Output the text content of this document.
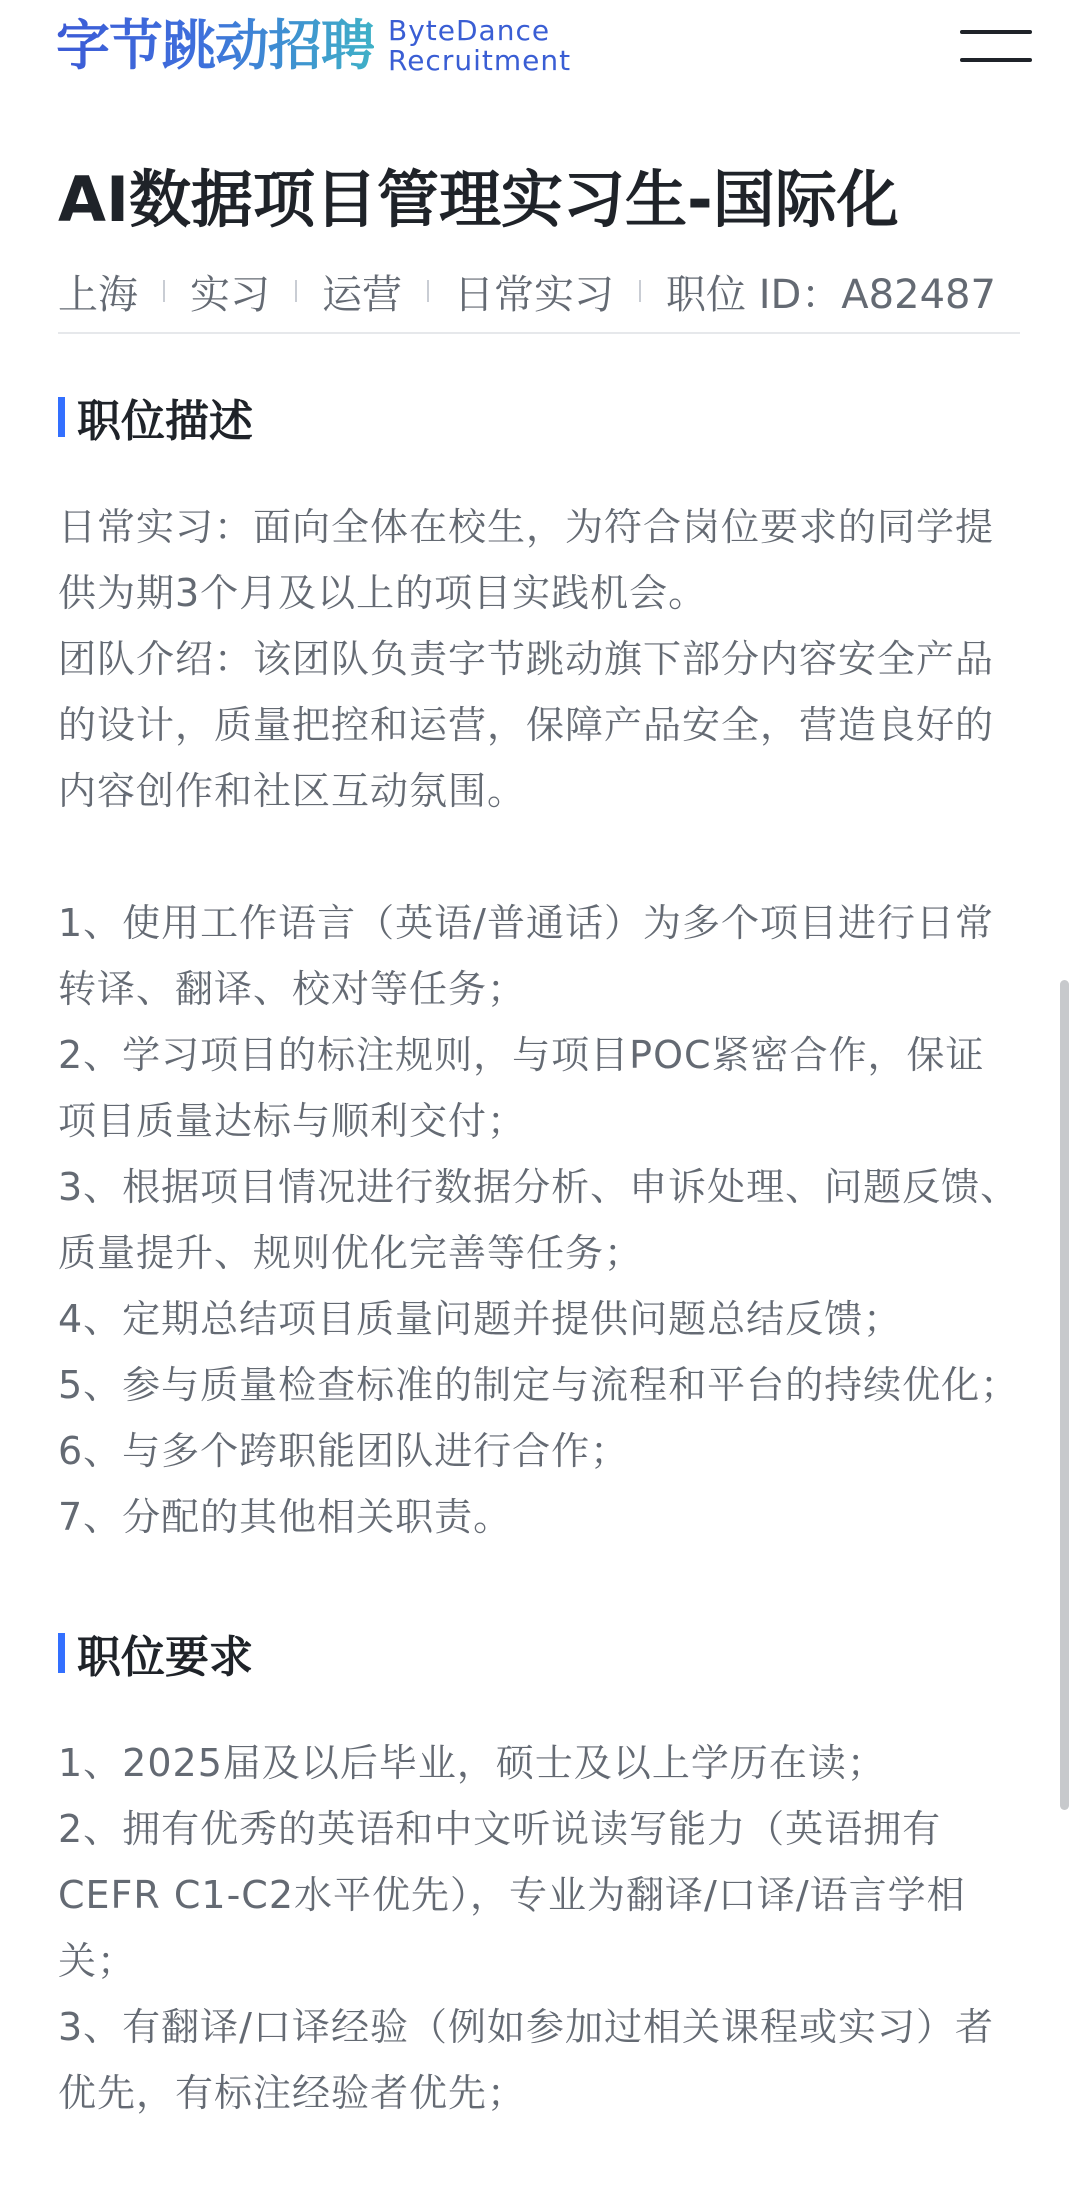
字节跳动招聘 ByteDance
Recruitment
AI数据项目管理实习生-国际化
上海 实习 运营 日常实习 职位 ID：A82487
职位描述

日常实习：面向全体在校生，为符合岗位要求的同学提供为期3个月及以上的项目实践机会。

团队介绍：该团队负责字节跳动旗下部分内容安全产品的设计，质量把控和运营，保障产品安全，营造良好的内容创作和社区互动氛围。

1、使用工作语言（英语/普通话）为多个项目进行日常转译、翻译、校对等任务；

2、学习项目的标注规则，与项目POC紧密合作，保证项目质量达标与顺利交付；

3、根据项目情况进行数据分析、申诉处理、问题反馈、质量提升、规则优化完善等任务；

4、定期总结项目质量问题并提供问题总结反馈；

5、参与质量检查标准的制定与流程和平台的持续优化；

6、与多个跨职能团队进行合作；

7、分配的其他相关职责。

职位要求

1、2025届及以后毕业，硕士及以上学历在读；

2、拥有优秀的英语和中文听说读写能力（英语拥有CEFR C1-C2水平优先），专业为翻译/口译/语言学相关；

3、有翻译/口译经验（例如参加过相关课程或实习）者优先，有标注经验者优先；
